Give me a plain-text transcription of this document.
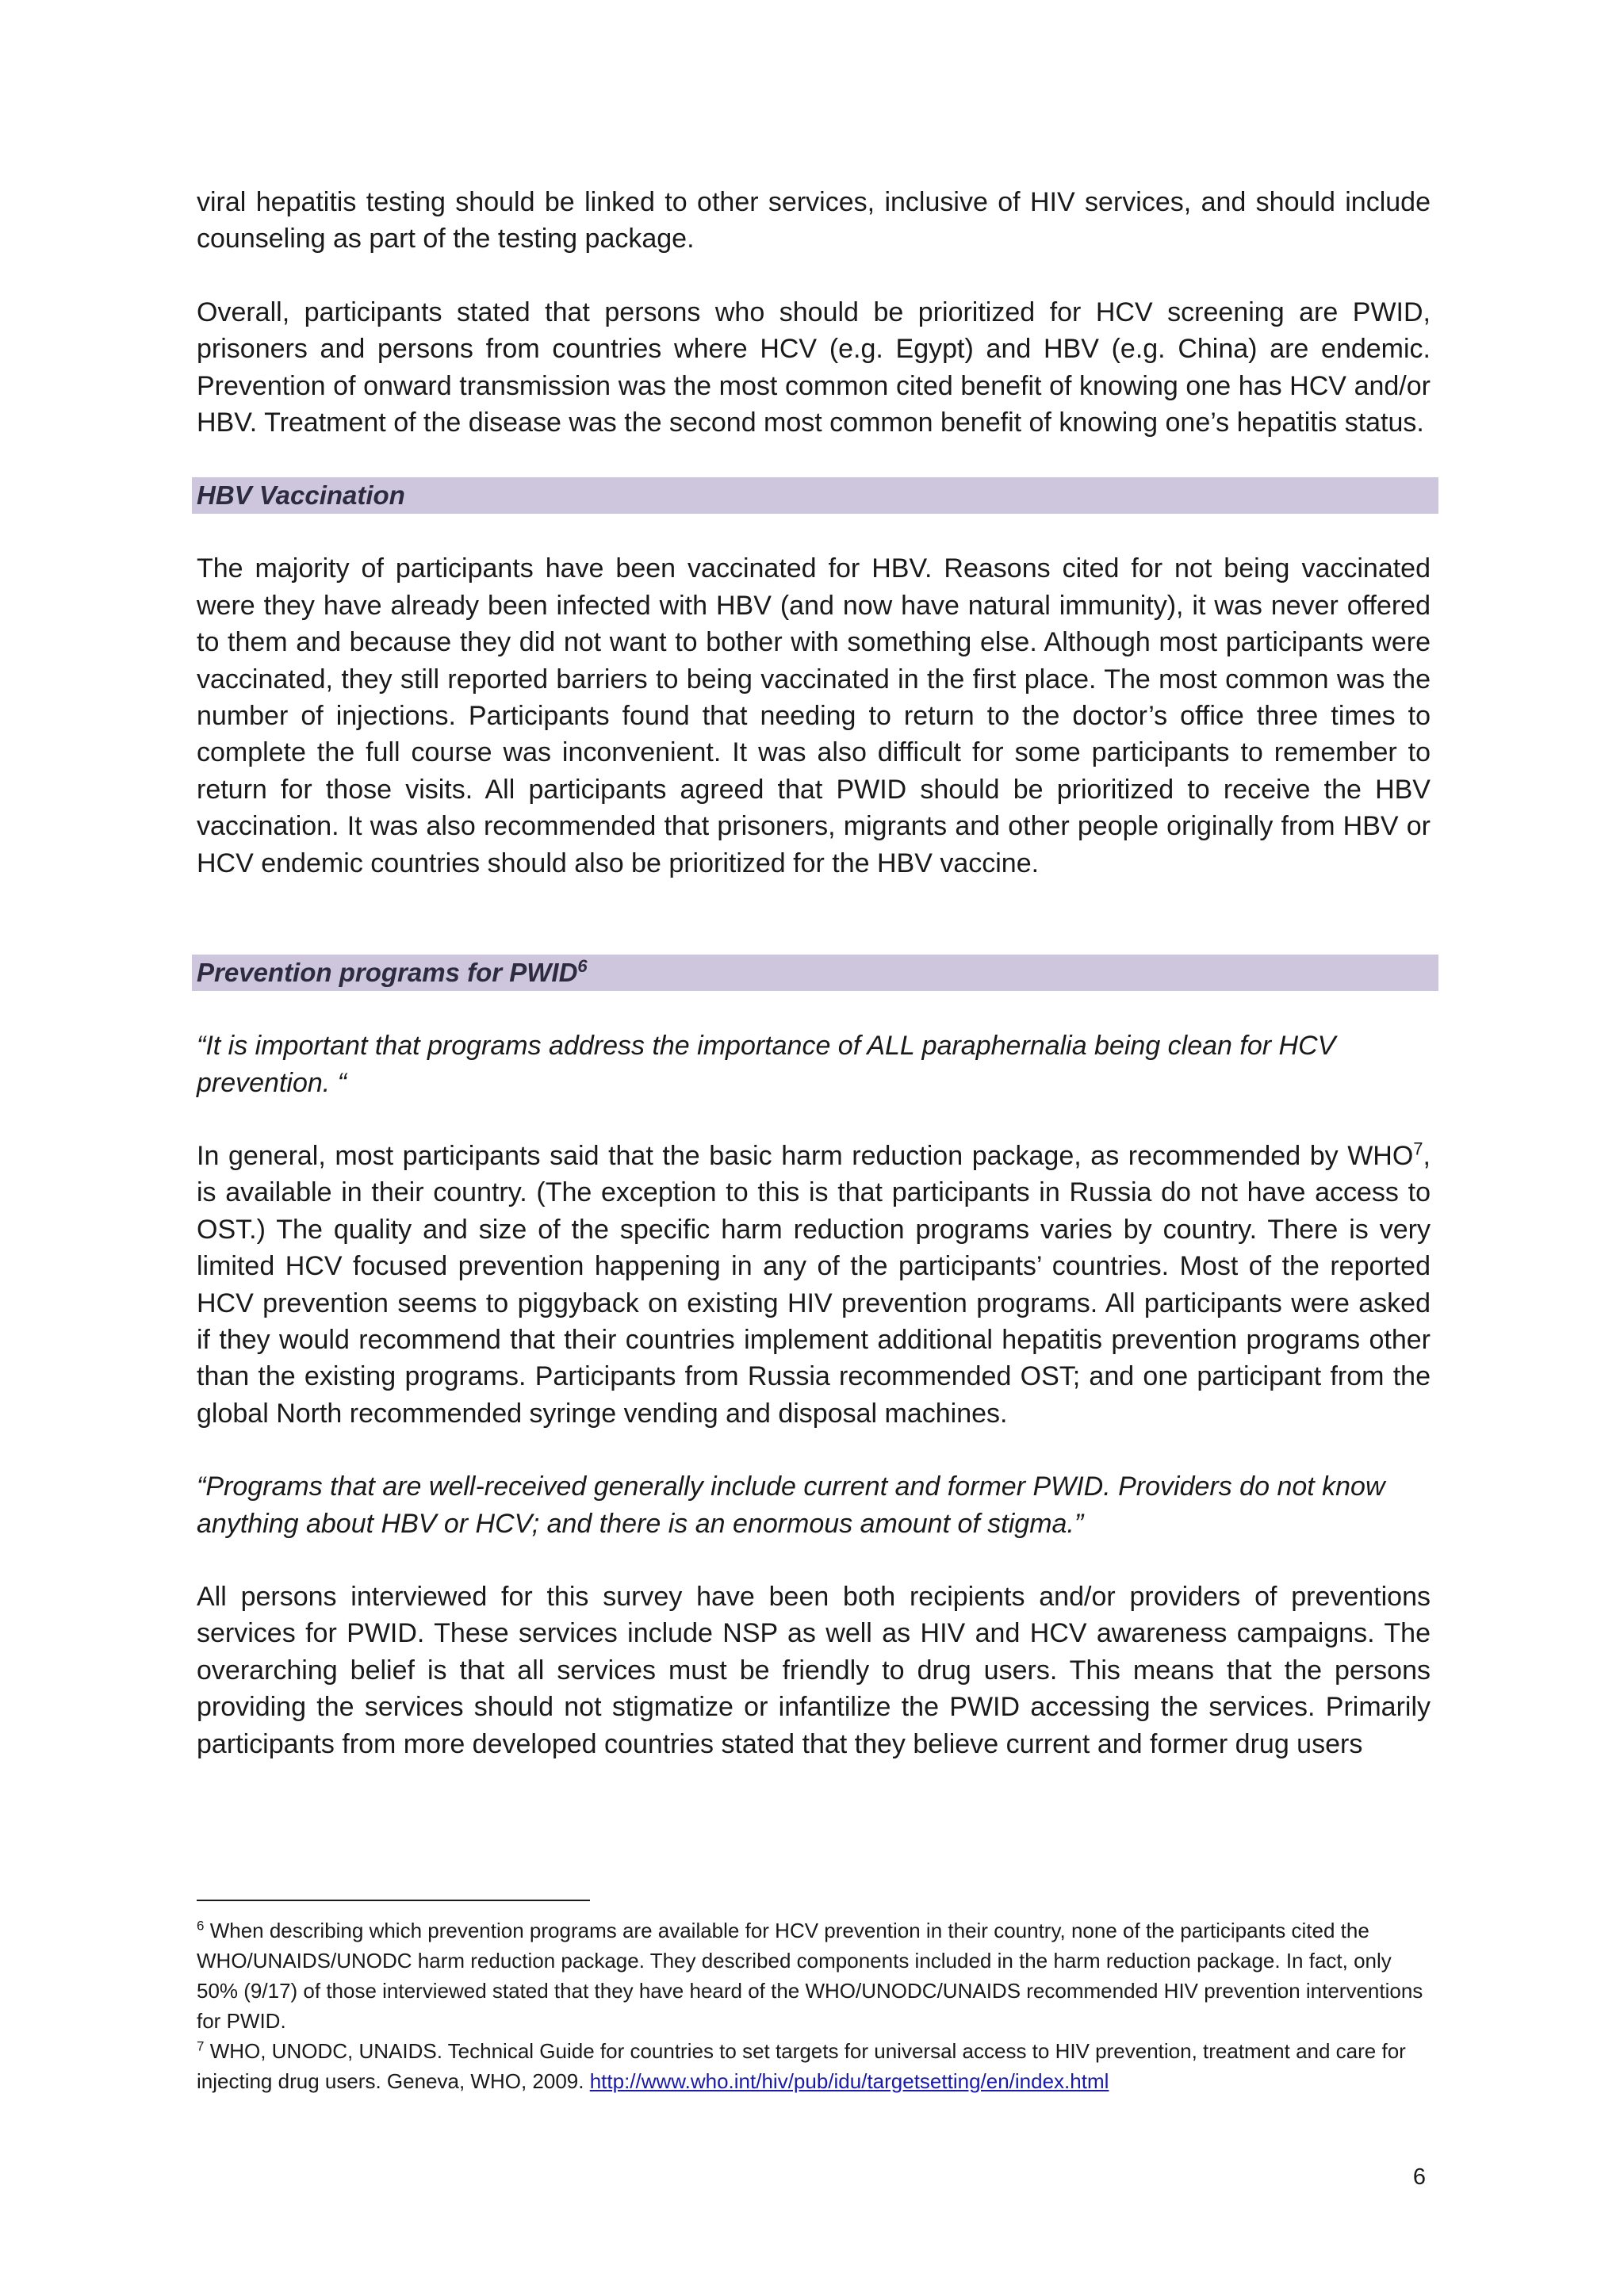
viral hepatitis testing should be linked to other services, inclusive of HIV services, and should include counseling as part of the testing package.

Overall, participants stated that persons who should be prioritized for HCV screening are PWID, prisoners and persons from countries where HCV (e.g. Egypt) and HBV (e.g. China) are endemic. Prevention of onward transmission was the most common cited benefit of knowing one has HCV and/or HBV. Treatment of the disease was the second most common benefit of knowing one’s hepatitis status.

HBV Vaccination

The majority of participants have been vaccinated for HBV. Reasons cited for not being vaccinated were they have already been infected with HBV (and now have natural immunity), it was never offered to them and because they did not want to bother with something else. Although most participants were vaccinated, they still reported barriers to being vaccinated in the first place. The most common was the number of injections. Participants found that needing to return to the doctor’s office three times to complete the full course was inconvenient. It was also difficult for some participants to remember to return for those visits. All participants agreed that PWID should be prioritized to receive the HBV vaccination. It was also recommended that prisoners, migrants and other people originally from HBV or HCV endemic countries should also be prioritized for the HBV vaccine.

Prevention programs for PWID$^6$

“It is important that programs address the importance of ALL paraphernalia being clean for HCV prevention. “

In general, most participants said that the basic harm reduction package, as recommended by WHO$^7$, is available in their country. (The exception to this is that participants in Russia do not have access to OST.) The quality and size of the specific harm reduction programs varies by country. There is very limited HCV focused prevention happening in any of the participants’ countries. Most of the reported HCV prevention seems to piggyback on existing HIV prevention programs. All participants were asked if they would recommend that their countries implement additional hepatitis prevention programs other than the existing programs. Participants from Russia recommended OST; and one participant from the global North recommended syringe vending and disposal machines.

“Programs that are well-received generally include current and former PWID. Providers do not know anything about HBV or HCV; and there is an enormous amount of stigma.”

All persons interviewed for this survey have been both recipients and/or providers of preventions services for PWID. These services include NSP as well as HIV and HCV awareness campaigns. The overarching belief is that all services must be friendly to drug users. This means that the persons providing the services should not stigmatize or infantilize the PWID accessing the services. Primarily participants from more developed countries stated that they believe current and former drug users

$^6$ When describing which prevention programs are available for HCV prevention in their country, none of the participants cited the WHO/UNAIDS/UNODC harm reduction package. They described components included in the harm reduction package. In fact, only 50% (9/17) of those interviewed stated that they have heard of the WHO/UNODC/UNAIDS recommended HIV prevention interventions for PWID.

$^7$ WHO, UNODC, UNAIDS. Technical Guide for countries to set targets for universal access to HIV prevention, treatment and care for injecting drug users. Geneva, WHO, 2009. http://www.who.int/hiv/pub/idu/targetsetting/en/index.html

6
